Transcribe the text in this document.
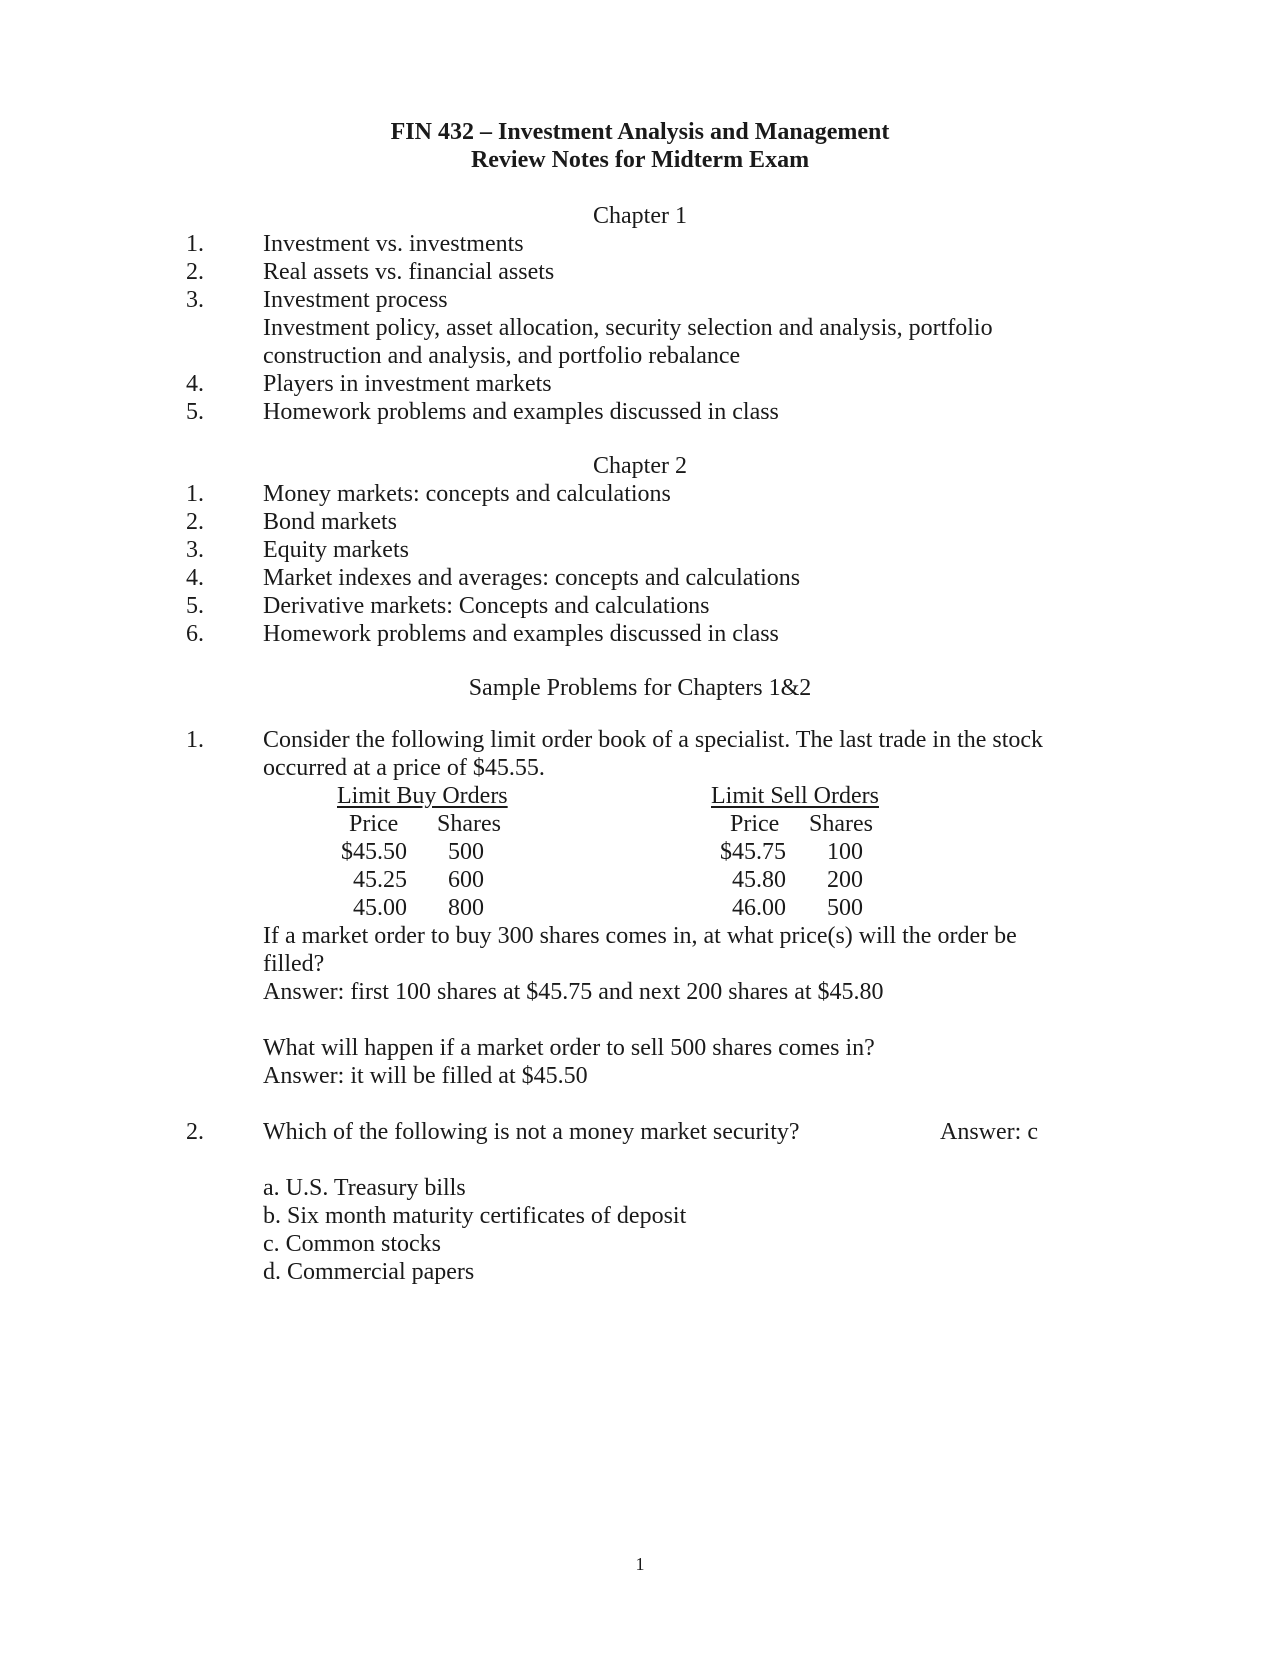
FIN 432 – Investment Analysis and Management
Review Notes for Midterm Exam
Chapter 1
1. Investment vs. investments
2. Real assets vs. financial assets
3. Investment process
Investment policy, asset allocation, security selection and analysis, portfolio
construction and analysis, and portfolio rebalance
4. Players in investment markets
5. Homework problems and examples discussed in class
Chapter 2
1. Money markets: concepts and calculations
2. Bond markets
3. Equity markets
4. Market indexes and averages: concepts and calculations
5. Derivative markets: Concepts and calculations
6. Homework problems and examples discussed in class
Sample Problems for Chapters 1&2
1. Consider the following limit order book of a specialist. The last trade in the stock
occurred at a price of $45.55.
Limit Buy Orders
Price Shares
$45.50 500
45.25 600
45.00 800
Limit Sell Orders
Price Shares
$45.75 100
45.80 200
46.00 500
If a market order to buy 300 shares comes in, at what price(s) will the order be
filled?
Answer: first 100 shares at $45.75 and next 200 shares at $45.80
What will happen if a market order to sell 500 shares comes in?
Answer: it will be filled at $45.50
2. Which of the following is not a money market security?	Answer: c
a. U.S. Treasury bills
b. Six month maturity certificates of deposit
c. Common stocks
d. Commercial papers
1
